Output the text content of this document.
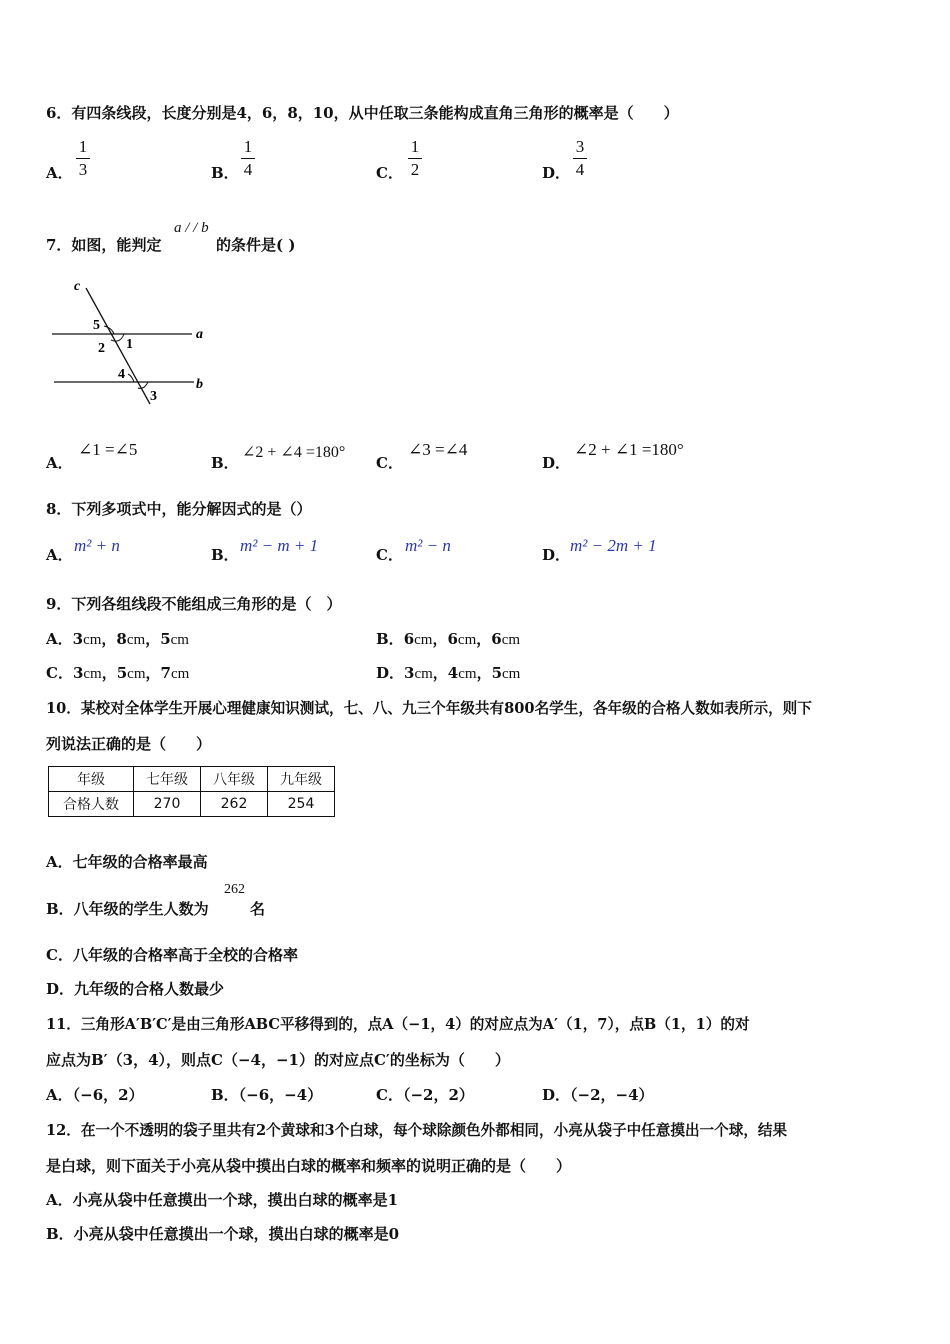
6．有四条线段，长度分别是4，6，8，10，从中任取三条能构成直角三角形的概率是（　　）
A．
1
3	B．
1
4	C．
1
2	D．
3
4
7．如图，能判定
a / / b
的条件是( )
c
a
b
5
2 1
4
3
A．
∠1 =∠5
B．
∠2 + ∠4 =180°
C．
∠3 =∠4
D．
∠2 + ∠1 =180°
8．下列多项式中，能分解因式的是（）
A． m² + n	B． m² − m + 1	C． m² − n	D． m² − 2m + 1
9．下列各组线段不能组成三角形的是（　）
A．3cm，8cm，5cm	B．6cm，6cm，6cm
C．3cm，5cm，7cm	D．3cm，4cm，5cm
10．某校对全体学生开展心理健康知识测试，七、八、九三个年级共有800名学生，各年级的合格人数如表所示，则下
列说法正确的是（　　）
年级	七年级	八年级	九年级
合格人数	270	262	254
A．七年级的合格率最高
B．八年级的学生人数为
262
名
C．八年级的合格率高于全校的合格率
D．九年级的合格人数最少
11．三角形A′B′C′是由三角形ABC平移得到的，点A（−1，4）的对应点为A′（1，7），点B（1，1）的对
应点为B′（3，4），则点C（−4，−1）的对应点C′的坐标为（　　）
A．（−6，2）	B．（−6，−4）	C．（−2，2）	D．（−2，−4）
12．在一个不透明的袋子里共有2个黄球和3个白球，每个球除颜色外都相同，小亮从袋子中任意摸出一个球，结果
是白球，则下面关于小亮从袋中摸出白球的概率和频率的说明正确的是（　　）
A．小亮从袋中任意摸出一个球，摸出白球的概率是1
B．小亮从袋中任意摸出一个球，摸出白球的概率是0
